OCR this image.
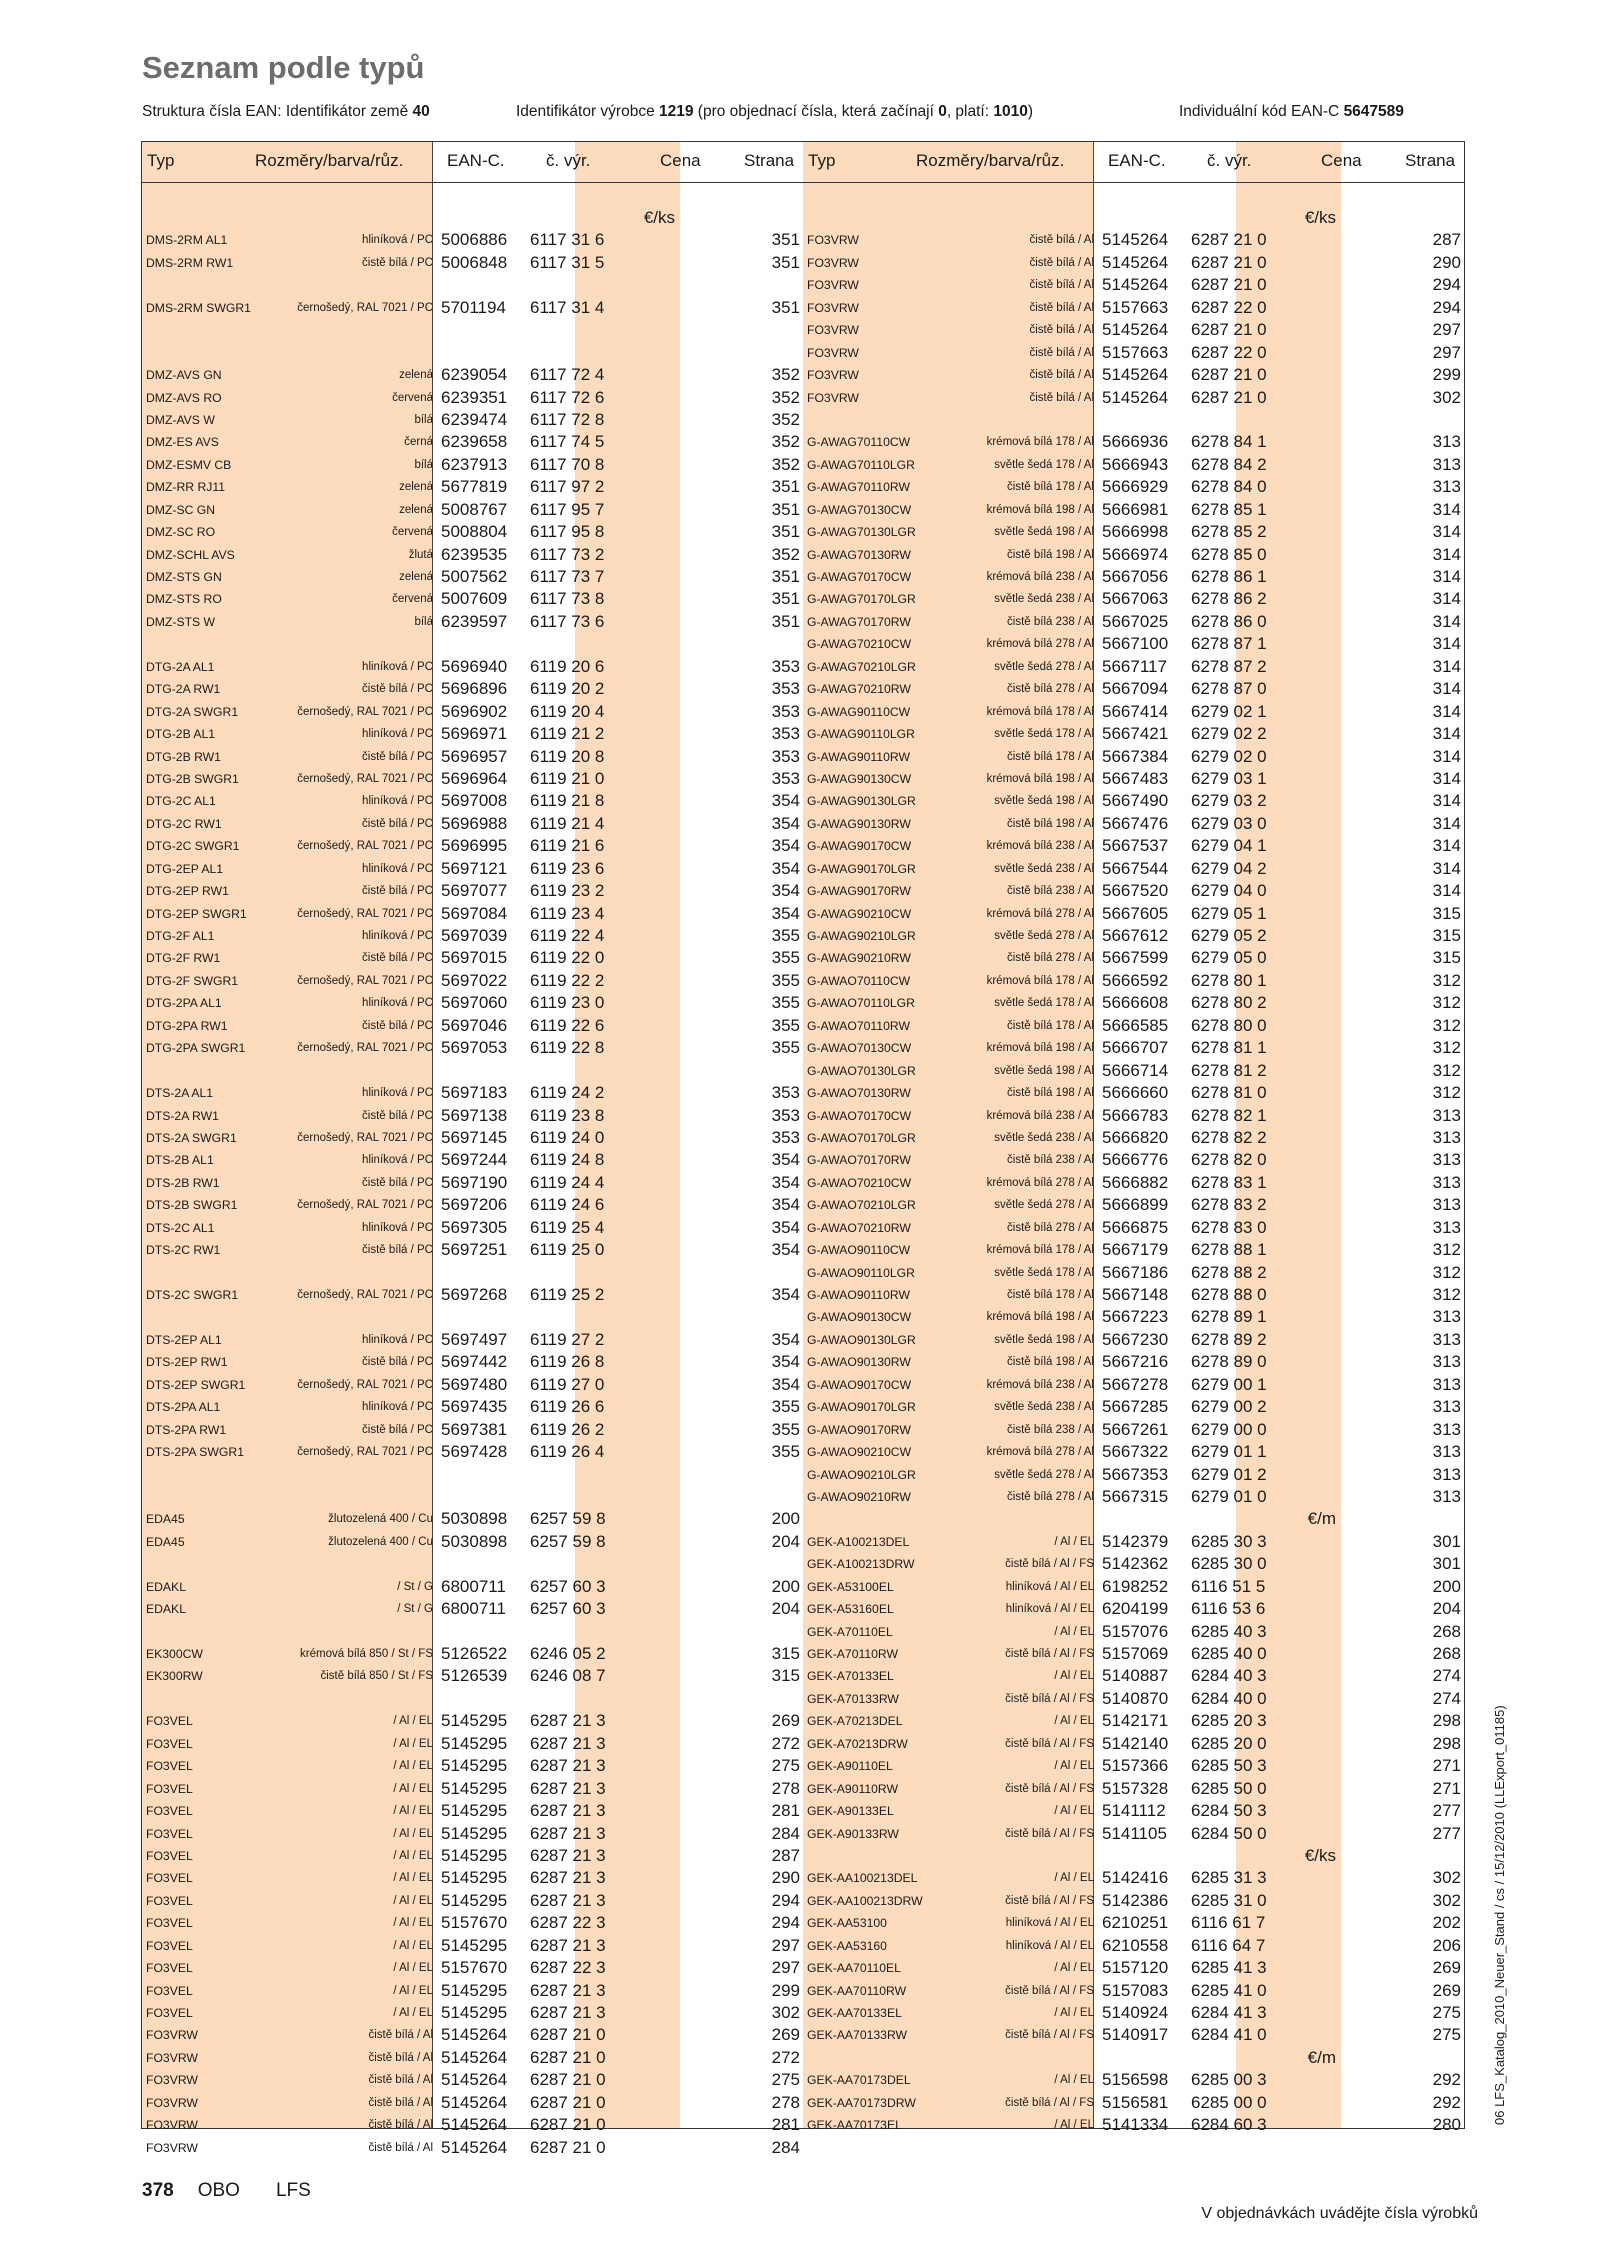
Seznam podle typů
Struktura čísla EAN: Identifikátor země 40	Identifikátor výrobce 1219 (pro objednací čísla, která začínají 0, platí: 1010)	Individuální kód EAN-C 5647589
Typ	Rozměry/barva/růz.	EAN-C. č. výr.	Cena	Strana
€/ks
DMS-2RM AL1	hliníková / PC 5006886 6117 31 6	351
DMS-2RM RW1	čistě bílá / PC 5006848 6117 31 5	351
DMS-2RM SWGR1	černošedý, RAL 7021 / PC 5701194 6117 31 4	351
DMZ-AVS GN	zelená 6239054 6117 72 4	352
DMZ-AVS RO	červená 6239351 6117 72 6	352
DMZ-AVS W	bílá 6239474 6117 72 8	352
DMZ-ES AVS	černá 6239658 6117 74 5	352
DMZ-ESMV CB	bílá 6237913 6117 70 8	352
DMZ-RR RJ11	zelená 5677819 6117 97 2	351
DMZ-SC GN	zelená 5008767 6117 95 7	351
DMZ-SC RO	červená 5008804 6117 95 8	351
DMZ-SCHL AVS	žlutá 6239535 6117 73 2	352
DMZ-STS GN	zelená 5007562 6117 73 7	351
DMZ-STS RO	červená 5007609 6117 73 8	351
DMZ-STS W	bílá 6239597 6117 73 6	351
DTG-2A AL1	hliníková / PC 5696940 6119 20 6	353
DTG-2A RW1	čistě bílá / PC 5696896 6119 20 2	353
DTG-2A SWGR1	černošedý, RAL 7021 / PC 5696902 6119 20 4	353
DTG-2B AL1	hliníková / PC 5696971 6119 21 2	353
DTG-2B RW1	čistě bílá / PC 5696957 6119 20 8	353
DTG-2B SWGR1	černošedý, RAL 7021 / PC 5696964 6119 21 0	353
DTG-2C AL1	hliníková / PC 5697008 6119 21 8	354
DTG-2C RW1	čistě bílá / PC 5696988 6119 21 4	354
DTG-2C SWGR1	černošedý, RAL 7021 / PC 5696995 6119 21 6	354
DTG-2EP AL1	hliníková / PC 5697121 6119 23 6	354
DTG-2EP RW1	čistě bílá / PC 5697077 6119 23 2	354
DTG-2EP SWGR1	černošedý, RAL 7021 / PC 5697084 6119 23 4	354
DTG-2F AL1	hliníková / PC 5697039 6119 22 4	355
DTG-2F RW1	čistě bílá / PC 5697015 6119 22 0	355
DTG-2F SWGR1	černošedý, RAL 7021 / PC 5697022 6119 22 2	355
DTG-2PA AL1	hliníková / PC 5697060 6119 23 0	355
DTG-2PA RW1	čistě bílá / PC 5697046 6119 22 6	355
DTG-2PA SWGR1	černošedý, RAL 7021 / PC 5697053 6119 22 8	355
DTS-2A AL1	hliníková / PC 5697183 6119 24 2	353
DTS-2A RW1	čistě bílá / PC 5697138 6119 23 8	353
DTS-2A SWGR1	černošedý, RAL 7021 / PC 5697145 6119 24 0	353
DTS-2B AL1	hliníková / PC 5697244 6119 24 8	354
DTS-2B RW1	čistě bílá / PC 5697190 6119 24 4	354
DTS-2B SWGR1	černošedý, RAL 7021 / PC 5697206 6119 24 6	354
DTS-2C AL1	hliníková / PC 5697305 6119 25 4	354
DTS-2C RW1	čistě bílá / PC 5697251 6119 25 0	354
DTS-2C SWGR1	černošedý, RAL 7021 / PC 5697268 6119 25 2	354
DTS-2EP AL1	hliníková / PC 5697497 6119 27 2	354
DTS-2EP RW1	čistě bílá / PC 5697442 6119 26 8	354
DTS-2EP SWGR1	černošedý, RAL 7021 / PC 5697480 6119 27 0	354
DTS-2PA AL1	hliníková / PC 5697435 6119 26 6	355
DTS-2PA RW1	čistě bílá / PC 5697381 6119 26 2	355
DTS-2PA SWGR1	černošedý, RAL 7021 / PC 5697428 6119 26 4	355
EDA45	žlutozelená 400 / Cu 5030898 6257 59 8	200
EDA45	žlutozelená 400 / Cu 5030898 6257 59 8	204
EDAKL	/ St / G 6800711 6257 60 3	200
EDAKL	/ St / G 6800711 6257 60 3	204
EK300CW	krémová bílá 850 / St / FS 5126522 6246 05 2	315
EK300RW	čistě bílá 850 / St / FS 5126539 6246 08 7	315
FO3VEL	/ Al / EL 5145295 6287 21 3	269
FO3VEL	/ Al / EL 5145295 6287 21 3	272
FO3VEL	/ Al / EL 5145295 6287 21 3	275
FO3VEL	/ Al / EL 5145295 6287 21 3	278
FO3VEL	/ Al / EL 5145295 6287 21 3	281
FO3VEL	/ Al / EL 5145295 6287 21 3	284
FO3VEL	/ Al / EL 5145295 6287 21 3	287
FO3VEL	/ Al / EL 5145295 6287 21 3	290
FO3VEL	/ Al / EL 5145295 6287 21 3	294
FO3VEL	/ Al / EL 5157670 6287 22 3	294
FO3VEL	/ Al / EL 5145295 6287 21 3	297
FO3VEL	/ Al / EL 5157670 6287 22 3	297
FO3VEL	/ Al / EL 5145295 6287 21 3	299
FO3VEL	/ Al / EL 5145295 6287 21 3	302
FO3VRW	čistě bílá / Al 5145264 6287 21 0	269
FO3VRW	čistě bílá / Al 5145264 6287 21 0	272
FO3VRW	čistě bílá / Al 5145264 6287 21 0	275
FO3VRW	čistě bílá / Al 5145264 6287 21 0	278
FO3VRW	čistě bílá / Al 5145264 6287 21 0	281
FO3VRW	čistě bílá / Al 5145264 6287 21 0	284
Typ	Rozměry/barva/růz.	EAN-C. č. výr.	Cena	Strana
€/ks
FO3VRW	čistě bílá / Al 5145264 6287 21 0	287
FO3VRW	čistě bílá / Al 5145264 6287 21 0	290
FO3VRW	čistě bílá / Al 5145264 6287 21 0	294
FO3VRW	čistě bílá / Al 5157663 6287 22 0	294
FO3VRW	čistě bílá / Al 5145264 6287 21 0	297
FO3VRW	čistě bílá / Al 5157663 6287 22 0	297
FO3VRW	čistě bílá / Al 5145264 6287 21 0	299
FO3VRW	čistě bílá / Al 5145264 6287 21 0	302
G-AWAG70110CW	krémová bílá 178 / Al 5666936 6278 84 1	313
G-AWAG70110LGR	světle šedá 178 / Al 5666943 6278 84 2	313
G-AWAG70110RW	čistě bílá 178 / Al 5666929 6278 84 0	313
G-AWAG70130CW	krémová bílá 198 / Al 5666981 6278 85 1	314
G-AWAG70130LGR	světle šedá 198 / Al 5666998 6278 85 2	314
G-AWAG70130RW	čistě bílá 198 / Al 5666974 6278 85 0	314
G-AWAG70170CW	krémová bílá 238 / Al 5667056 6278 86 1	314
G-AWAG70170LGR	světle šedá 238 / Al 5667063 6278 86 2	314
G-AWAG70170RW	čistě bílá 238 / Al 5667025 6278 86 0	314
G-AWAG70210CW	krémová bílá 278 / Al 5667100 6278 87 1	314
G-AWAG70210LGR	světle šedá 278 / Al 5667117 6278 87 2	314
G-AWAG70210RW	čistě bílá 278 / Al 5667094 6278 87 0	314
G-AWAG90110CW	krémová bílá 178 / Al 5667414 6279 02 1	314
G-AWAG90110LGR	světle šedá 178 / Al 5667421 6279 02 2	314
G-AWAG90110RW	čistě bílá 178 / Al 5667384 6279 02 0	314
G-AWAG90130CW	krémová bílá 198 / Al 5667483 6279 03 1	314
G-AWAG90130LGR	světle šedá 198 / Al 5667490 6279 03 2	314
G-AWAG90130RW	čistě bílá 198 / Al 5667476 6279 03 0	314
G-AWAG90170CW	krémová bílá 238 / Al 5667537 6279 04 1	314
G-AWAG90170LGR	světle šedá 238 / Al 5667544 6279 04 2	314
G-AWAG90170RW	čistě bílá 238 / Al 5667520 6279 04 0	314
G-AWAG90210CW	krémová bílá 278 / Al 5667605 6279 05 1	315
G-AWAG90210LGR	světle šedá 278 / Al 5667612 6279 05 2	315
G-AWAG90210RW	čistě bílá 278 / Al 5667599 6279 05 0	315
G-AWAO70110CW	krémová bílá 178 / Al 5666592 6278 80 1	312
G-AWAO70110LGR	světle šedá 178 / Al 5666608 6278 80 2	312
G-AWAO70110RW	čistě bílá 178 / Al 5666585 6278 80 0	312
G-AWAO70130CW	krémová bílá 198 / Al 5666707 6278 81 1	312
G-AWAO70130LGR	světle šedá 198 / Al 5666714 6278 81 2	312
G-AWAO70130RW	čistě bílá 198 / Al 5666660 6278 81 0	312
G-AWAO70170CW	krémová bílá 238 / Al 5666783 6278 82 1	313
G-AWAO70170LGR	světle šedá 238 / Al 5666820 6278 82 2	313
G-AWAO70170RW	čistě bílá 238 / Al 5666776 6278 82 0	313
G-AWAO70210CW	krémová bílá 278 / Al 5666882 6278 83 1	313
G-AWAO70210LGR	světle šedá 278 / Al 5666899 6278 83 2	313
G-AWAO70210RW	čistě bílá 278 / Al 5666875 6278 83 0	313
G-AWAO90110CW	krémová bílá 178 / Al 5667179 6278 88 1	312
G-AWAO90110LGR	světle šedá 178 / Al 5667186 6278 88 2	312
G-AWAO90110RW	čistě bílá 178 / Al 5667148 6278 88 0	312
G-AWAO90130CW	krémová bílá 198 / Al 5667223 6278 89 1	313
G-AWAO90130LGR	světle šedá 198 / Al 5667230 6278 89 2	313
G-AWAO90130RW	čistě bílá 198 / Al 5667216 6278 89 0	313
G-AWAO90170CW	krémová bílá 238 / Al 5667278 6279 00 1	313
G-AWAO90170LGR	světle šedá 238 / Al 5667285 6279 00 2	313
G-AWAO90170RW	čistě bílá 238 / Al 5667261 6279 00 0	313
G-AWAO90210CW	krémová bílá 278 / Al 5667322 6279 01 1	313
G-AWAO90210LGR	světle šedá 278 / Al 5667353 6279 01 2	313
G-AWAO90210RW	čistě bílá 278 / Al 5667315 6279 01 0	313
€/m
GEK-A100213DEL	/ Al / EL 5142379 6285 30 3	301
GEK-A100213DRW	čistě bílá / Al / FS 5142362 6285 30 0	301
GEK-A53100EL	hliníková / Al / EL 6198252 6116 51 5	200
GEK-A53160EL	hliníková / Al / EL 6204199 6116 53 6	204
GEK-A70110EL	/ Al / EL 5157076 6285 40 3	268
GEK-A70110RW	čistě bílá / Al / FS 5157069 6285 40 0	268
GEK-A70133EL	/ Al / EL 5140887 6284 40 3	274
GEK-A70133RW	čistě bílá / Al / FS 5140870 6284 40 0	274
GEK-A70213DEL	/ Al / EL 5142171 6285 20 3	298
GEK-A70213DRW	čistě bílá / Al / FS 5142140 6285 20 0	298
GEK-A90110EL	/ Al / EL 5157366 6285 50 3	271
GEK-A90110RW	čistě bílá / Al / FS 5157328 6285 50 0	271
GEK-A90133EL	/ Al / EL 5141112 6284 50 3	277
GEK-A90133RW	čistě bílá / Al / FS 5141105 6284 50 0	277
€/ks
GEK-AA100213DEL	/ Al / EL 5142416 6285 31 3	302
GEK-AA100213DRW	čistě bílá / Al / FS 5142386 6285 31 0	302
GEK-AA53100	hliníková / Al / EL 6210251 6116 61 7	202
GEK-AA53160	hliníková / Al / EL 6210558 6116 64 7	206
GEK-AA70110EL	/ Al / EL 5157120 6285 41 3	269
GEK-AA70110RW	čistě bílá / Al / FS 5157083 6285 41 0	269
GEK-AA70133EL	/ Al / EL 5140924 6284 41 3	275
GEK-AA70133RW	čistě bílá / Al / FS 5140917 6284 41 0	275
€/m
GEK-AA70173DEL	/ Al / EL 5156598 6285 00 3	292
GEK-AA70173DRW	čistě bílá / Al / FS 5156581 6285 00 0	292
GEK-AA70173EL	/ Al / EL 5141334 6284 60 3	280
378 OBO LFS
V objednávkách uvádějte čísla výrobků
06 LFS_Katalog_2010_Neuer_Stand / cs / 15/12/2010 (LLExport_01185)
